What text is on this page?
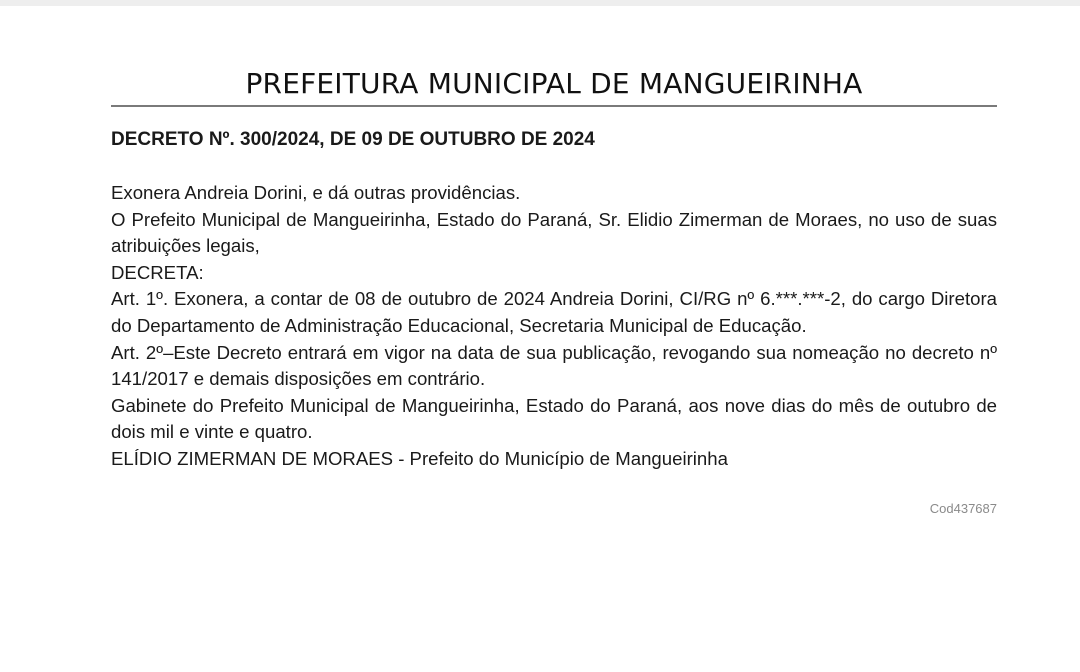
PREFEITURA MUNICIPAL DE MANGUEIRINHA
DECRETO Nº. 300/2024, DE 09 DE OUTUBRO DE 2024

Exonera Andreia Dorini, e dá outras providências.

O Prefeito Municipal de Mangueirinha, Estado do Paraná, Sr. Elidio Zimerman de Moraes, no uso de suas atribuições legais,

DECRETA:

Art. 1º. Exonera, a contar de 08 de outubro de 2024 Andreia Dorini, CI/RG nº 6.***.***-2, do cargo Diretora do Departamento de Administração Educacional, Secretaria Municipal de Educação.

Art. 2º–Este Decreto entrará em vigor na data de sua publicação, revogando sua nomeação no decreto nº 141/2017 e demais disposições em contrário.

Gabinete do Prefeito Municipal de Mangueirinha, Estado do Paraná, aos nove dias do mês de outubro de dois mil e vinte e quatro.

ELÍDIO ZIMERMAN DE MORAES - Prefeito do Município de Mangueirinha

Cod437687
